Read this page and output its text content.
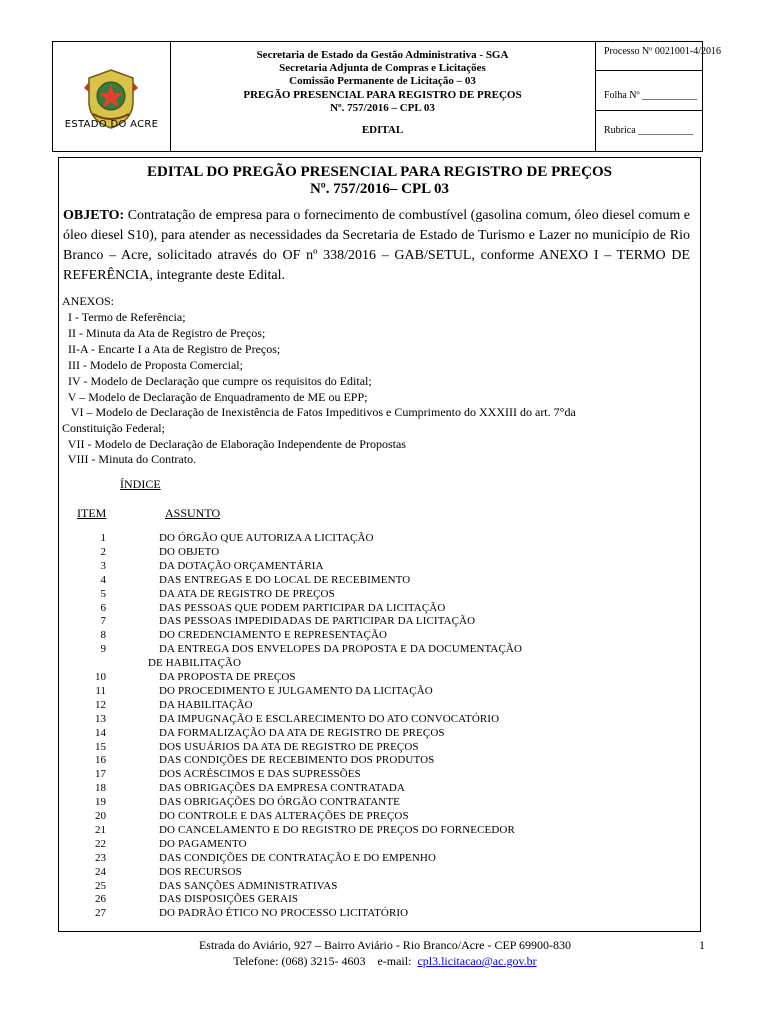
ESTADO DO ACRE
Secretaria de Estado da Gestão Administrativa - SGA
Secretaria Adjunta de Compras e Licitações
Comissão Permanente de Licitação – 03
PREGÃO PRESENCIAL PARA REGISTRO DE PREÇOS
Nº. 757/2016 – CPL 03
EDITAL
Processo Nº 0021001-4/2016
Folha Nº ___________
Rubrica ___________
EDITAL DO PREGÃO PRESENCIAL PARA REGISTRO DE PREÇOS
Nº. 757/2016– CPL 03
OBJETO: Contratação de empresa para o fornecimento de combustível (gasolina comum, óleo diesel comum e óleo diesel S10), para atender as necessidades da Secretaria de Estado de Turismo e Lazer no município de Rio Branco – Acre, solicitado através do OF nº 338/2016 – GAB/SETUL, conforme ANEXO I – TERMO DE REFERÊNCIA, integrante deste Edital.
ANEXOS:
I - Termo de Referência;
II - Minuta da Ata de Registro de Preços;
II-A - Encarte I a Ata de Registro de Preços;
III - Modelo de Proposta Comercial;
IV - Modelo de Declaração que cumpre os requisitos do Edital;
V – Modelo de Declaração de Enquadramento de ME ou EPP;
VI – Modelo de Declaração de Inexistência de Fatos Impeditivos e Cumprimento do XXXIII do art. 7°da
Constituição Federal;
VII - Modelo de Declaração de Elaboração Independente de Propostas
VIII - Minuta do Contrato.
ÍNDICE
ITEM	ASSUNTO
1	DO ÓRGÃO QUE AUTORIZA A LICITAÇÃO
2	DO OBJETO
3	DA DOTAÇÃO ORÇAMENTÁRIA
4	DAS ENTREGAS E DO LOCAL DE RECEBIMENTO
5	DA ATA DE REGISTRO DE PREÇOS
6	DAS PESSOAS QUE PODEM PARTICIPAR DA LICITAÇÃO
7	DAS PESSOAS IMPEDIDADAS DE PARTICIPAR DA LICITAÇÃO
8	DO CREDENCIAMENTO E REPRESENTAÇÃO
9	DA ENTREGA DOS ENVELOPES DA PROPOSTA E DA DOCUMENTAÇÃO
DE HABILITAÇÃO
10	DA PROPOSTA DE PREÇOS
11	DO PROCEDIMENTO E JULGAMENTO DA LICITAÇÃO
12	DA HABILITAÇÃO
13	DA IMPUGNAÇÃO E ESCLARECIMENTO DO ATO CONVOCATÓRIO
14	DA FORMALIZAÇÃO DA ATA DE REGISTRO DE PREÇOS
15	DOS USUÁRIOS DA ATA DE REGISTRO DE PREÇOS
16	DAS CONDIÇÕES DE RECEBIMENTO DOS PRODUTOS
17	DOS ACRÉSCIMOS E DAS SUPRESSÕES
18	DAS OBRIGAÇÕES DA EMPRESA CONTRATADA
19	DAS OBRIGAÇÕES DO ÓRGÃO CONTRATANTE
20	DO CONTROLE E DAS ALTERAÇÕES DE PREÇOS
21	DO CANCELAMENTO E DO REGISTRO DE PREÇOS DO FORNECEDOR
22	DO PAGAMENTO
23	DAS CONDIÇÕES DE CONTRATAÇÃO E DO EMPENHO
24	DOS RECURSOS
25	DAS SANÇÕES ADMINISTRATIVAS
26	DAS DISPOSIÇÕES GERAIS
27	DO PADRÃO ÉTICO NO PROCESSO LICITATÓRIO
Estrada do Aviário, 927 – Bairro Aviário - Rio Branco/Acre - CEP 69900-830
Telefone: (068) 3215- 4603    e-mail:  cpl3.licitacao@ac.gov.br
1
